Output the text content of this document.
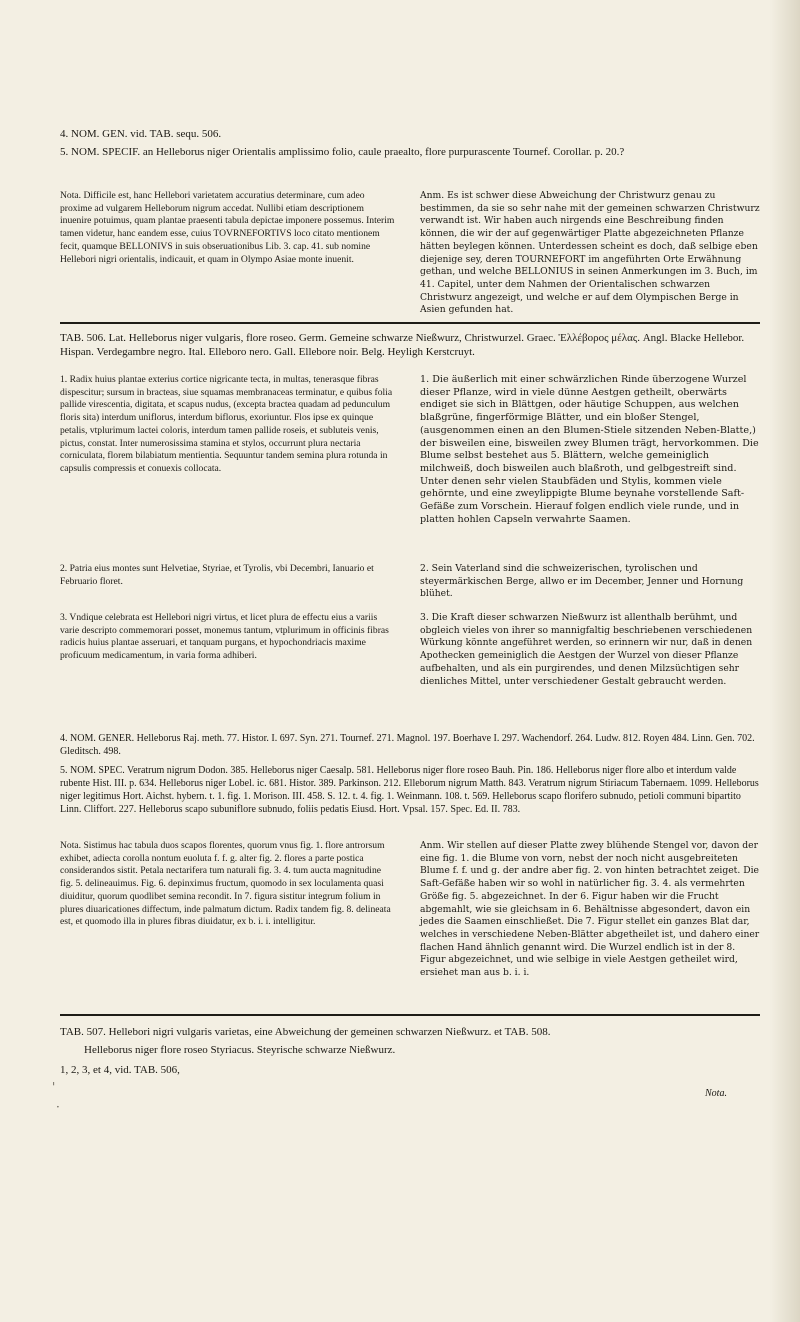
4. NOM. GEN. vid. TAB. sequ. 506.
5. NOM. SPECIF. an Helleborus niger Orientalis amplissimo folio, caule praealto, flore purpurascente Tournef. Corollar. p. 20.?
Nota. Difficile est, hanc Hellebori varietatem accuratius determinare, cum adeo proxime ad vulgarem Helleborum nigrum accedat. Nullibi etiam descriptionem inuenire potuimus, quam plantae praesenti tabula depictae imponere possemus. Interim tamen videtur, hanc eandem esse, cuius TOVRNEFORTIVS loco citato mentionem fecit, quamque BELLONIVS in suis obseruationibus Lib. 3. cap. 41. sub nomine Hellebori nigri orientalis, indicauit, et quam in Olympo Asiae monte inuenit.
Anm. Es ist schwer diese Abweichung der Christwurz genau zu bestimmen, da sie so sehr nahe mit der gemeinen schwarzen Christwurz verwandt ist. Wir haben auch nirgends eine Beschreibung finden können, die wir der auf gegenwärtiger Platte abgezeichneten Pflanze hätten beylegen können. Unterdessen scheint es doch, daß selbige eben diejenige sey, deren TOURNEFORT im angeführten Orte Erwähnung gethan, und welche BELLONIUS in seinen Anmerkungen im 3. Buch, im 41. Capitel, unter dem Nahmen der Orientalischen schwarzen Christwurz angezeigt, und welche er auf dem Olympischen Berge in Asien gefunden hat.
TAB. 506. Lat. Helleborus niger vulgaris, flore roseo. Germ. Gemeine schwarze Nießwurz, Christwurzel. Graec. Ἑλλέβορος μέλας. Angl. Blacke Hellebor. Hispan. Verdegambre negro. Ital. Elleboro nero. Gall. Ellebore noir. Belg. Heyligh Kerstcruyt.
1. Radix huius plantae exterius cortice nigricante tecta, in multas, tenerasque fibras dispescitur; sursum in bracteas, siue squamas membranaceas terminatur, e quibus folia pallide virescentia, digitata, et scapus nudus, (excepta bractea quadam ad pedunculum floris sita) interdum uniflorus, interdum biflorus, exoriuntur. Flos ipse ex quinque petalis, vtplurimum lactei coloris, interdum tamen pallide roseis, et subluteis venis, pictus, constat. Inter numerosissima stamina et stylos, occurrunt plura nectaria corniculata, florem bilabiatum mentientia. Sequuntur tandem semina plura rotunda in capsulis compressis et conuexis collocata.
1. Die äußerlich mit einer schwärzlichen Rinde überzogene Wurzel dieser Pflanze, wird in viele dünne Aestgen getheilt, oberwärts endiget sie sich in Blättgen, oder häutige Schuppen, aus welchen blaßgrüne, fingerförmige Blätter, und ein bloßer Stengel, (ausgenommen einen an den Blumen-Stiele sitzenden Neben-Blatte,) der bisweilen eine, bisweilen zwey Blumen trägt, hervorkommen. Die Blume selbst bestehet aus 5. Blättern, welche gemeiniglich milchweiß, doch bisweilen auch blaßroth, und gelbgestreift sind. Unter denen sehr vielen Staubfäden und Stylis, kommen viele gehörnte, und eine zweylippigte Blume beynahe vorstellende Saft-Gefäße zum Vorschein. Hierauf folgen endlich viele runde, und in platten hohlen Capseln verwahrte Saamen.
2. Patria eius montes sunt Helvetiae, Styriae, et Tyrolis, vbi Decembri, Ianuario et Februario floret.
2. Sein Vaterland sind die schweizerischen, tyrolischen und steyermärkischen Berge, allwo er im December, Jenner und Hornung blühet.
3. Vndique celebrata est Hellebori nigri virtus, et licet plura de effectu eius a variis varie descripto commemorari posset, monemus tantum, vtplurimum in officinis fibras radicis huius plantae asseruari, et tanquam purgans, et hypochondriacis maxime proficuum medicamentum, in varia forma adhiberi.
3. Die Kraft dieser schwarzen Nießwurz ist allenthalb berühmt, und obgleich vieles von ihrer so mannigfaltig beschriebenen verschiedenen Würkung könnte angeführet werden, so erinnern wir nur, daß in denen Apothecken gemeiniglich die Aestgen der Wurzel von dieser Pflanze aufbehalten, und als ein purgirendes, und denen Milzsüchtigen sehr dienliches Mittel, unter verschiedener Gestalt gebraucht werden.
4. NOM. GENER. Helleborus Raj. meth. 77. Histor. I. 697. Syn. 271. Tournef. 271. Magnol. 197. Boerhave I. 297. Wachendorf. 264. Ludw. 812. Royen 484. Linn. Gen. 702. Gleditsch. 498.
5. NOM. SPEC. Veratrum nigrum Dodon. 385. Helleborus niger Caesalp. 581. Helleborus niger flore roseo Bauh. Pin. 186. Helleborus niger flore albo et interdum valde rubente Hist. III. p. 634. Helleborus niger Lobel. ic. 681. Histor. 389. Parkinson. 212. Elleborum nigrum Matth. 843. Veratrum nigrum Stiriacum Tabernaem. 1099. Helleborus niger legitimus Hort. Aichst. hybern. t. 1. fig. 1. Morison. III. 458. S. 12. t. 4. fig. 1. Weinmann. 108. t. 569. Helleborus scapo florifero subnudo, petioli communi bipartito Linn. Cliffort. 227. Helleborus scapo subuniflore subnudo, foliis pedatis Eiusd. Hort. Vpsal. 157. Spec. Ed. II. 783.
Nota. Sistimus hac tabula duos scapos florentes, quorum vnus fig. 1. flore antrorsum exhibet, adiecta corolla nontum euoluta f. f. g. alter fig. 2. flores a parte postica considerandos sistit. Petala nectarifera tum naturali fig. 3. 4. tum aucta magnitudine fig. 5. delineauimus. Fig. 6. depinximus fructum, quomodo in sex loculamenta quasi diuiditur, quorum quodlibet semina recondit. In 7. figura sistitur integrum folium in plures diuaricationes diffectum, inde palmatum dictum. Radix tandem fig. 8. delineata est, et quomodo illa in plures fibras diuidatur, ex b. i. i. intelligitur.
Anm. Wir stellen auf dieser Platte zwey blühende Stengel vor, davon der eine fig. 1. die Blume von vorn, nebst der noch nicht ausgebreiteten Blume f. f. und g. der andre aber fig. 2. von hinten betrachtet zeiget. Die Saft-Gefäße haben wir so wohl in natürlicher fig. 3. 4. als vermehrten Größe fig. 5. abgezeichnet. In der 6. Figur haben wir die Frucht abgemahlt, wie sie gleichsam in 6. Behältnisse abgesondert, davon ein jedes die Saamen einschließet. Die 7. Figur stellet ein ganzes Blat dar, welches in verschiedene Neben-Blätter abgetheilet ist, und dahero einer flachen Hand ähnlich genannt wird. Die Wurzel endlich ist in der 8. Figur abgezeichnet, und wie selbige in viele Aestgen getheilet wird, ersiehet man aus b. i. i.
TAB. 507. Hellebori nigri vulgaris varietas, eine Abweichung der gemeinen schwarzen Nießwurz. et TAB. 508.
Helleborus niger flore roseo Styriacus. Steyrische schwarze Nießwurz.
1, 2, 3, et 4, vid. TAB. 506,
Nota.
'
·
